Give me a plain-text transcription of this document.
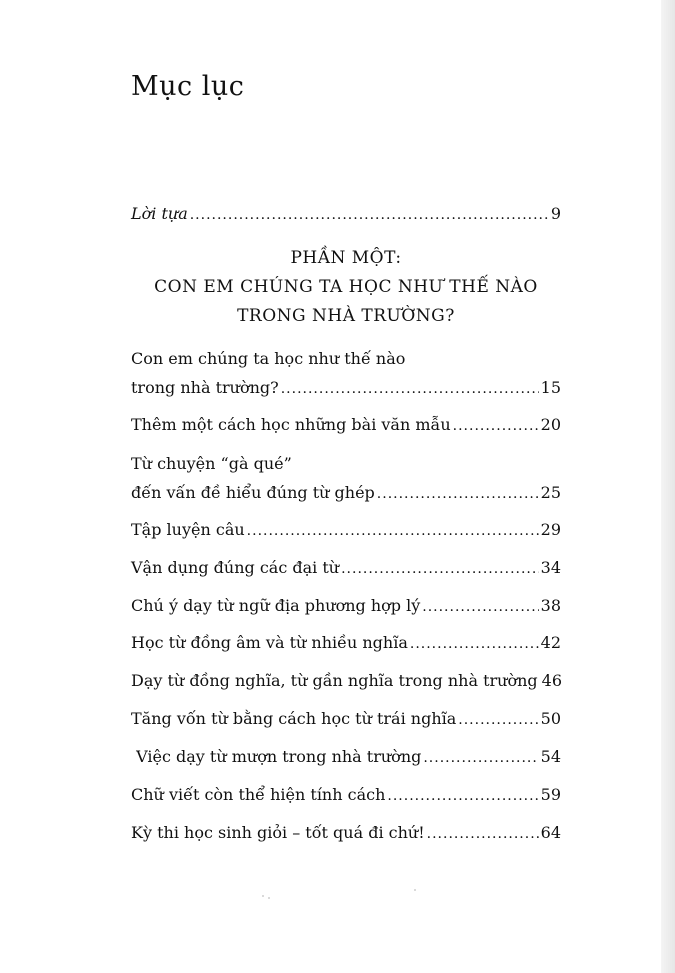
Mục lục
Lời tựa .....	9
PHẦN MỘT:
CON EM CHÚNG TA HỌC NHƯ THẾ NÀO
TRONG NHÀ TRƯỜNG?
Con em chúng ta học như thế nào
trong nhà trường? .....	15
Thêm một cách học những bài văn mẫu .....	20
Từ chuyện “gà qué”
đến vấn đề hiểu đúng từ ghép .....	25
Tập luyện câu .....	29
Vận dụng đúng các đại từ .....	34
Chú ý dạy từ ngữ địa phương hợp lý .....	38
Học từ đồng âm và từ nhiều nghĩa .....	42
Dạy từ đồng nghĩa, từ gần nghĩa trong nhà trường 46
Tăng vốn từ bằng cách học từ trái nghĩa .....	50
Việc dạy từ mượn trong nhà trường .....	54
Chữ viết còn thể hiện tính cách .....	59
Kỳ thi học sinh giỏi – tốt quá đi chứ! .....	64
